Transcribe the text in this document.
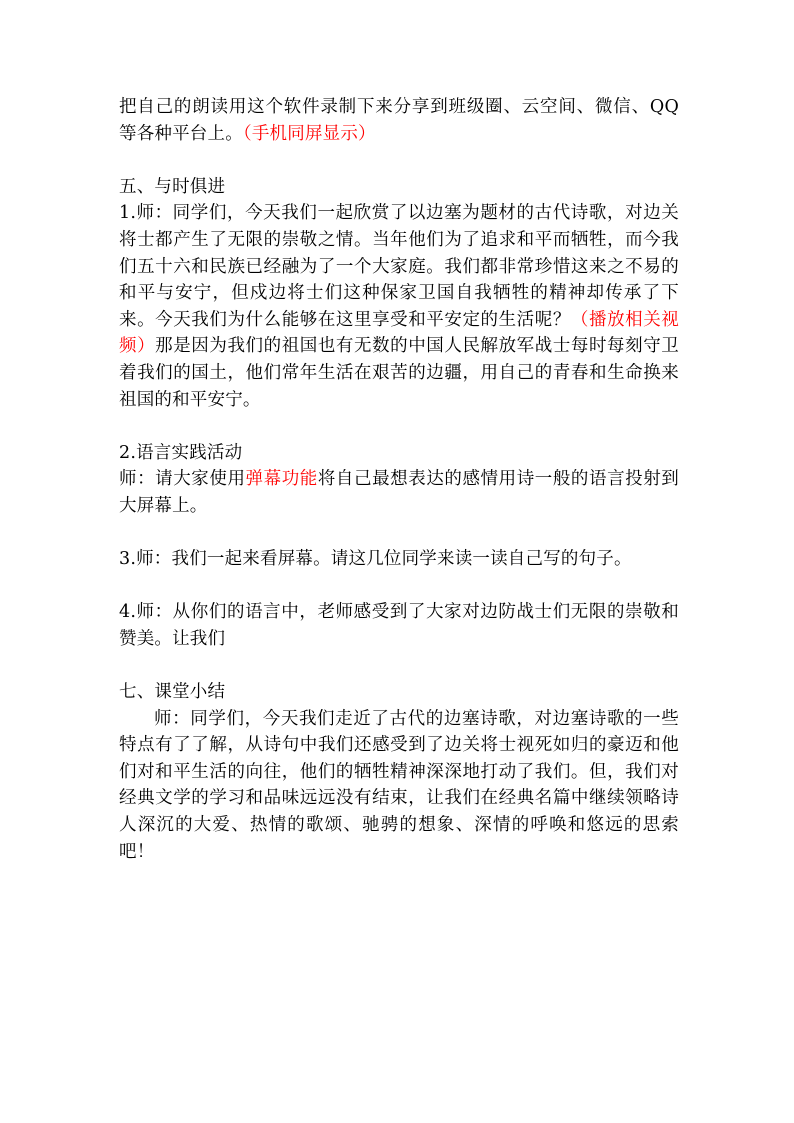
把自己的朗读用这个软件录制下来分享到班级圈、云空间、微信、QQ等各种平台上。（手机同屏显示）

五、与时俱进

1.师：同学们，今天我们一起欣赏了以边塞为题材的古代诗歌，对边关将士都产生了无限的崇敬之情。当年他们为了追求和平而牺牲，而今我们五十六和民族已经融为了一个大家庭。我们都非常珍惜这来之不易的和平与安宁，但戍边将士们这种保家卫国自我牺牲的精神却传承了下来。今天我们为什么能够在这里享受和平安定的生活呢？（播放相关视频）那是因为我们的祖国也有无数的中国人民解放军战士每时每刻守卫着我们的国土，他们常年生活在艰苦的边疆，用自己的青春和生命换来祖国的和平安宁。

2.语言实践活动

师：请大家使用弹幕功能将自己最想表达的感情用诗一般的语言投射到大屏幕上。

3.师：我们一起来看屏幕。请这几位同学来读一读自己写的句子。

4.师：从你们的语言中，老师感受到了大家对边防战士们无限的崇敬和赞美。让我们

七、课堂小结

师：同学们，今天我们走近了古代的边塞诗歌，对边塞诗歌的一些特点有了了解，从诗句中我们还感受到了边关将士视死如归的豪迈和他们对和平生活的向往，他们的牺牲精神深深地打动了我们。但，我们对经典文学的学习和品味远远没有结束，让我们在经典名篇中继续领略诗人深沉的大爱、热情的歌颂、驰骋的想象、深情的呼唤和悠远的思索吧！
